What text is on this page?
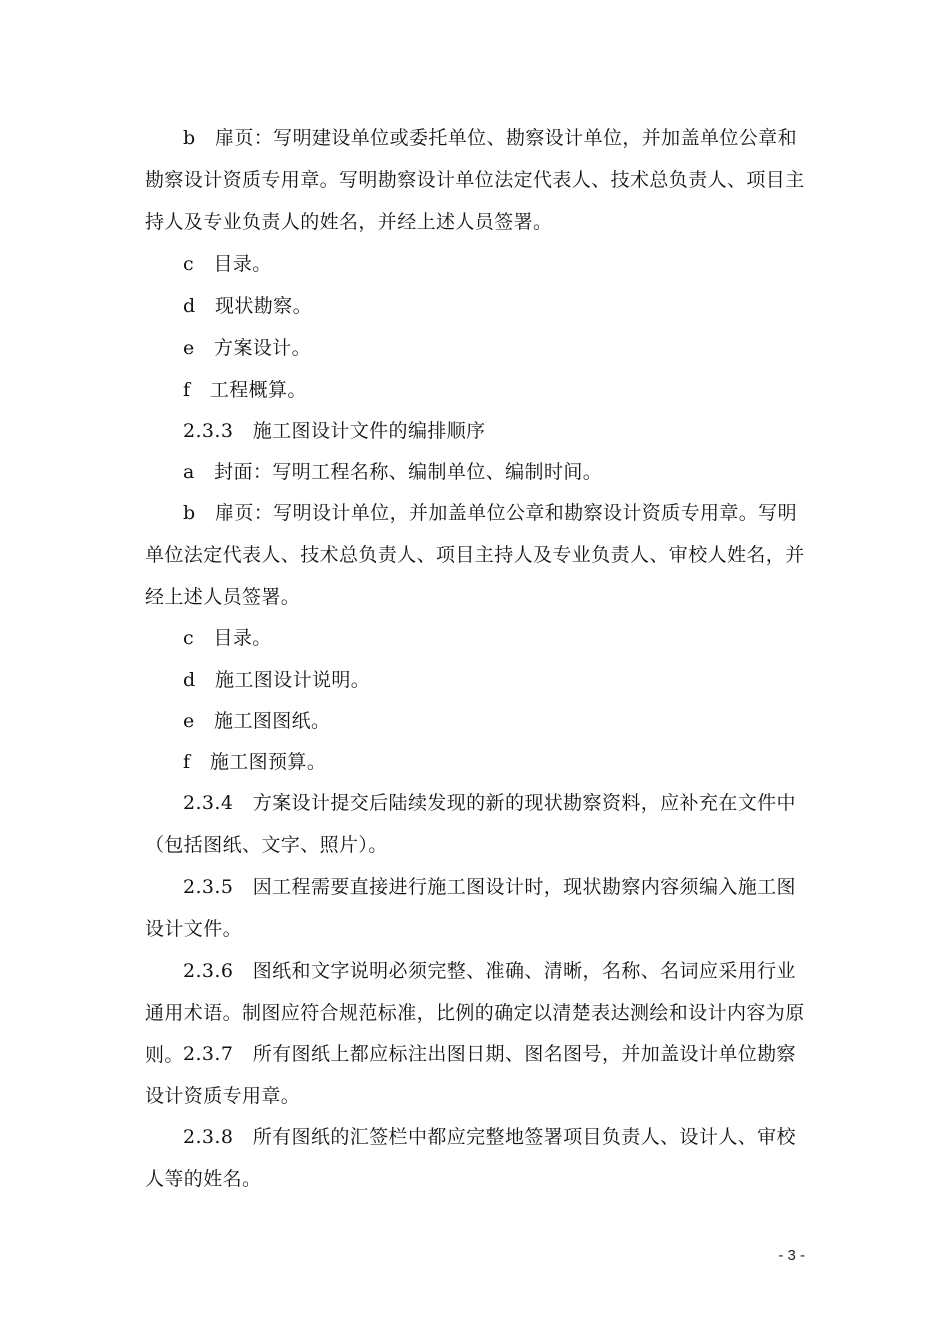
b　扉页：写明建设单位或委托单位、勘察设计单位，并加盖单位公章和勘察设计资质专用章。写明勘察设计单位法定代表人、技术总负责人、项目主持人及专业负责人的姓名，并经上述人员签署。

c　目录。

d　现状勘察。

e　方案设计。

f　工程概算。

2.3.3　施工图设计文件的编排顺序

a　封面：写明工程名称、编制单位、编制时间。

b　扉页：写明设计单位，并加盖单位公章和勘察设计资质专用章。写明单位法定代表人、技术总负责人、项目主持人及专业负责人、审校人姓名，并经上述人员签署。

c　目录。

d　施工图设计说明。

e　施工图图纸。

f　施工图预算。

2.3.4　方案设计提交后陆续发现的新的现状勘察资料，应补充在文件中（包括图纸、文字、照片）。

2.3.5　因工程需要直接进行施工图设计时，现状勘察内容须编入施工图设计文件。

2.3.6　图纸和文字说明必须完整、准确、清晰，名称、名词应采用行业通用术语。制图应符合规范标准，比例的确定以清楚表达测绘和设计内容为原则。 2.3.7　所有图纸上都应标注出图日期、图名图号，并加盖设计单位勘察设计资质专用章。

2.3.8　所有图纸的汇签栏中都应完整地签署项目负责人、设计人、审校人等的姓名。

- 3 -
